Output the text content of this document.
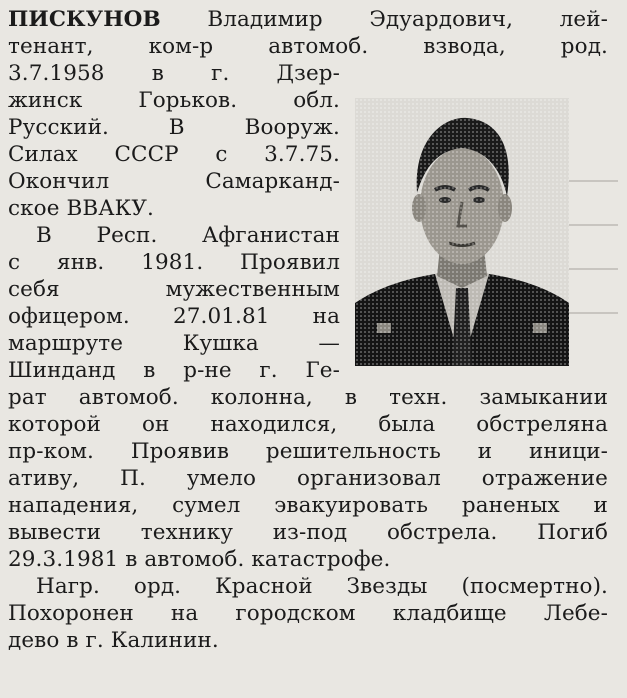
ПИСКУНОВ Владимир Эдуардович, лей-
тенант, ком-р автомоб. взвода, род.
3.7.1958 в г. Дзер-
жинск Горьков. обл.
Русский. В Вооруж.
Силах СССР с 3.7.75.
Окончил Самарканд-
ское ВВАКУ.
В Респ. Афганистан
с янв. 1981. Проявил
себя мужественным
офицером. 27.01.81 на
маршруте Кушка —
Шинданд в р-не г. Ге-
рат автомоб. колонна, в техн. замыкании
которой он находился, была обстреляна
пр-ком. Проявив решительность и иници-
ативу, П. умело организовал отражение
нападения, сумел эвакуировать раненых и
вывести технику из-под обстрела. Погиб
29.3.1981 в автомоб. катастрофе.
Нагр. орд. Красной Звезды (посмертно).
Похоронен на городском кладбище Лебе-
дево в г. Калинин.
